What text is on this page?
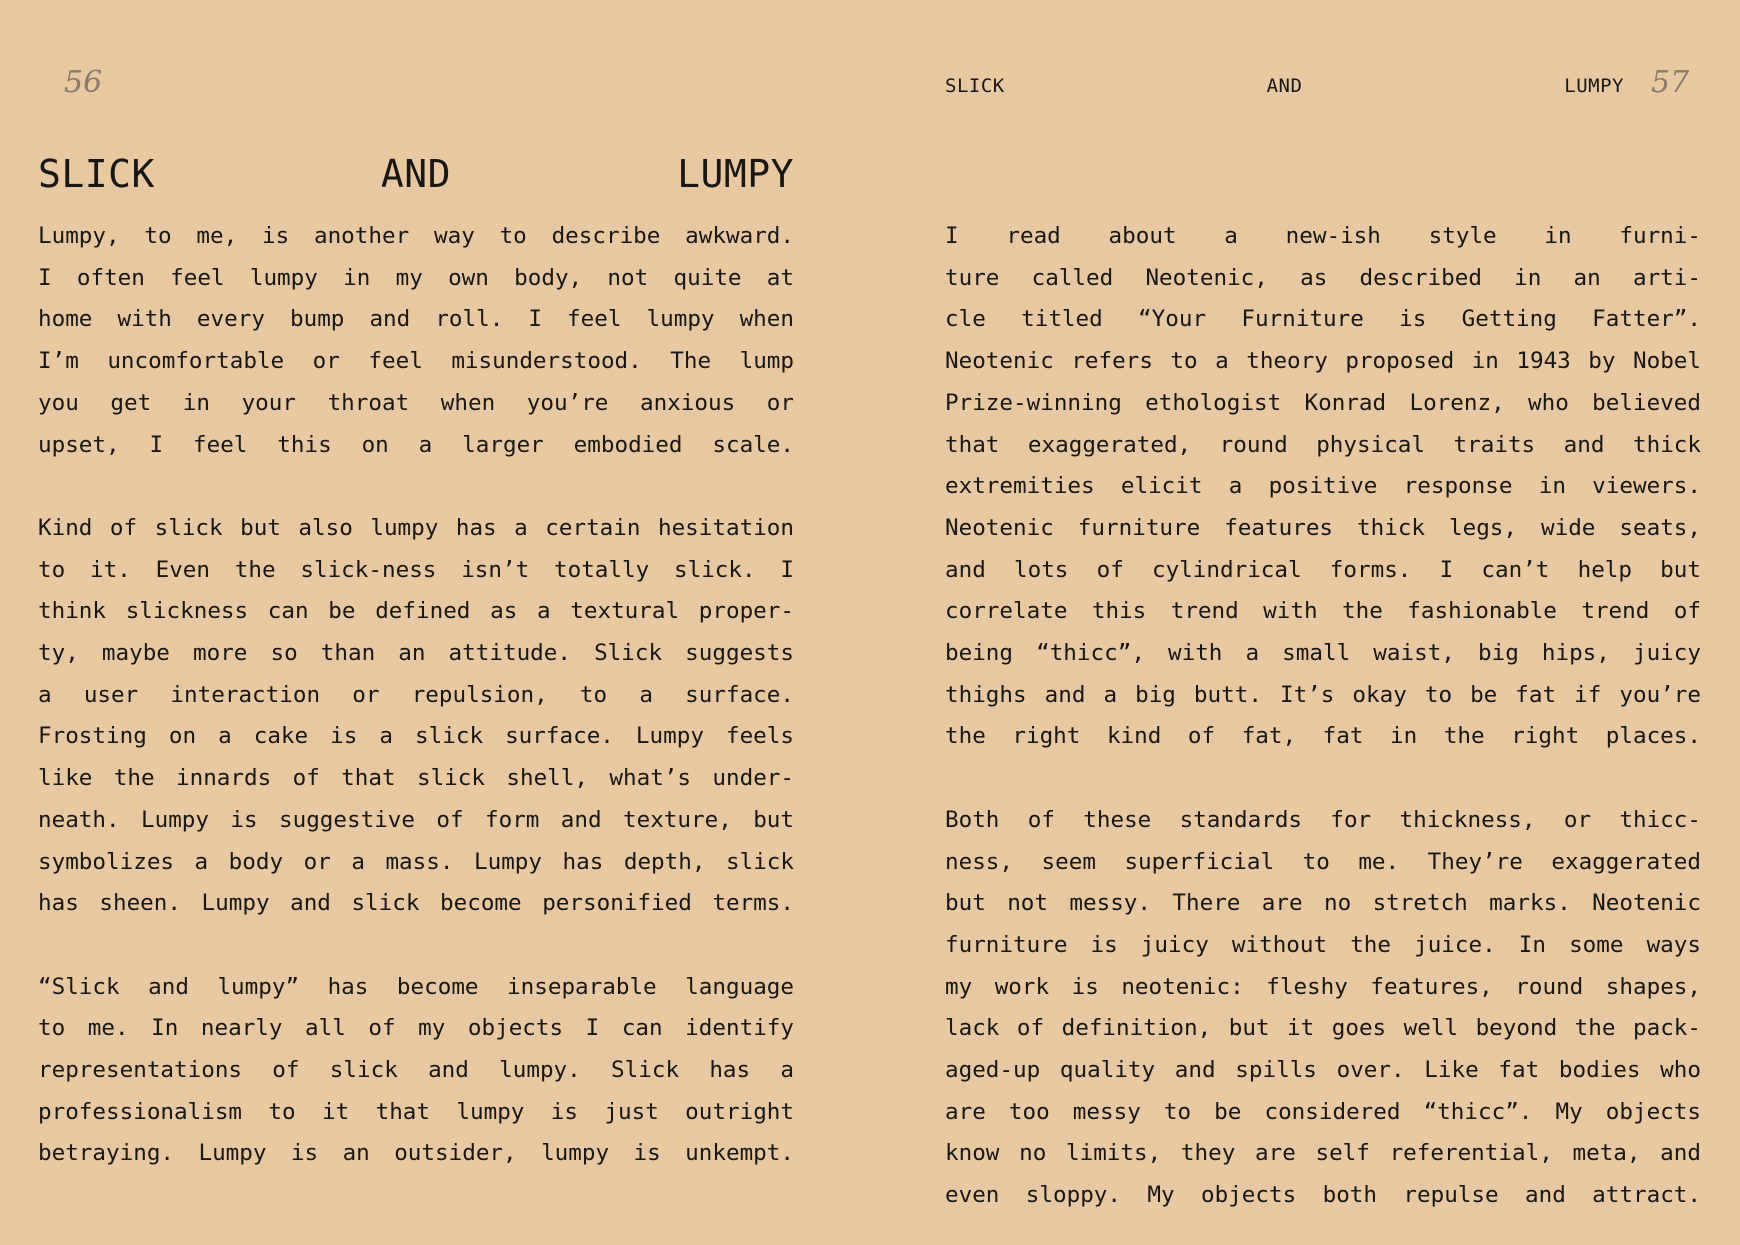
56
SLICK	AND	LUMPY

Lumpy, to me, is another way to describe awkward.
I often feel lumpy in my own body, not quite at
home with every bump and roll. I feel lumpy when
I’m uncomfortable or feel misunderstood. The lump
you get in your throat when you’re anxious or
upset, I feel this on a larger embodied scale.

Kind of slick but also lumpy has a certain hesitation
to it. Even the slick-ness isn’t totally slick. I
think slickness can be defined as a textural proper-
ty, maybe more so than an attitude. Slick suggests
a user interaction or repulsion, to a surface.
Frosting on a cake is a slick surface. Lumpy feels
like the innards of that slick shell, what’s under-
neath. Lumpy is suggestive of form and texture, but
symbolizes a body or a mass. Lumpy has depth, slick
has sheen. Lumpy and slick become personified terms.

“Slick and lumpy” has become inseparable language
to me. In nearly all of my objects I can identify
representations of slick and lumpy. Slick has a
professionalism to it that lumpy is just outright
betraying. Lumpy is an outsider, lumpy is unkempt.

SLICK	AND	LUMPY 57

I read about a new-ish style in furni-
ture called Neotenic, as described in an arti-
cle titled “Your Furniture is Getting Fatter”.
Neotenic refers to a theory proposed in 1943 by Nobel
Prize-winning ethologist Konrad Lorenz, who believed
that exaggerated, round physical traits and thick
extremities elicit a positive response in viewers.
Neotenic furniture features thick legs, wide seats,
and lots of cylindrical forms. I can’t help but
correlate this trend with the fashionable trend of
being “thicc”, with a small waist, big hips, juicy
thighs and a big butt. It’s okay to be fat if you’re
the right kind of fat, fat in the right places.

Both of these standards for thickness, or thicc-
ness, seem superficial to me. They’re exaggerated
but not messy. There are no stretch marks. Neotenic
furniture is juicy without the juice. In some ways
my work is neotenic: fleshy features, round shapes,
lack of definition, but it goes well beyond the pack-
aged-up quality and spills over. Like fat bodies who
are too messy to be considered “thicc”. My objects
know no limits, they are self referential, meta, and
even sloppy. My objects both repulse and attract.
